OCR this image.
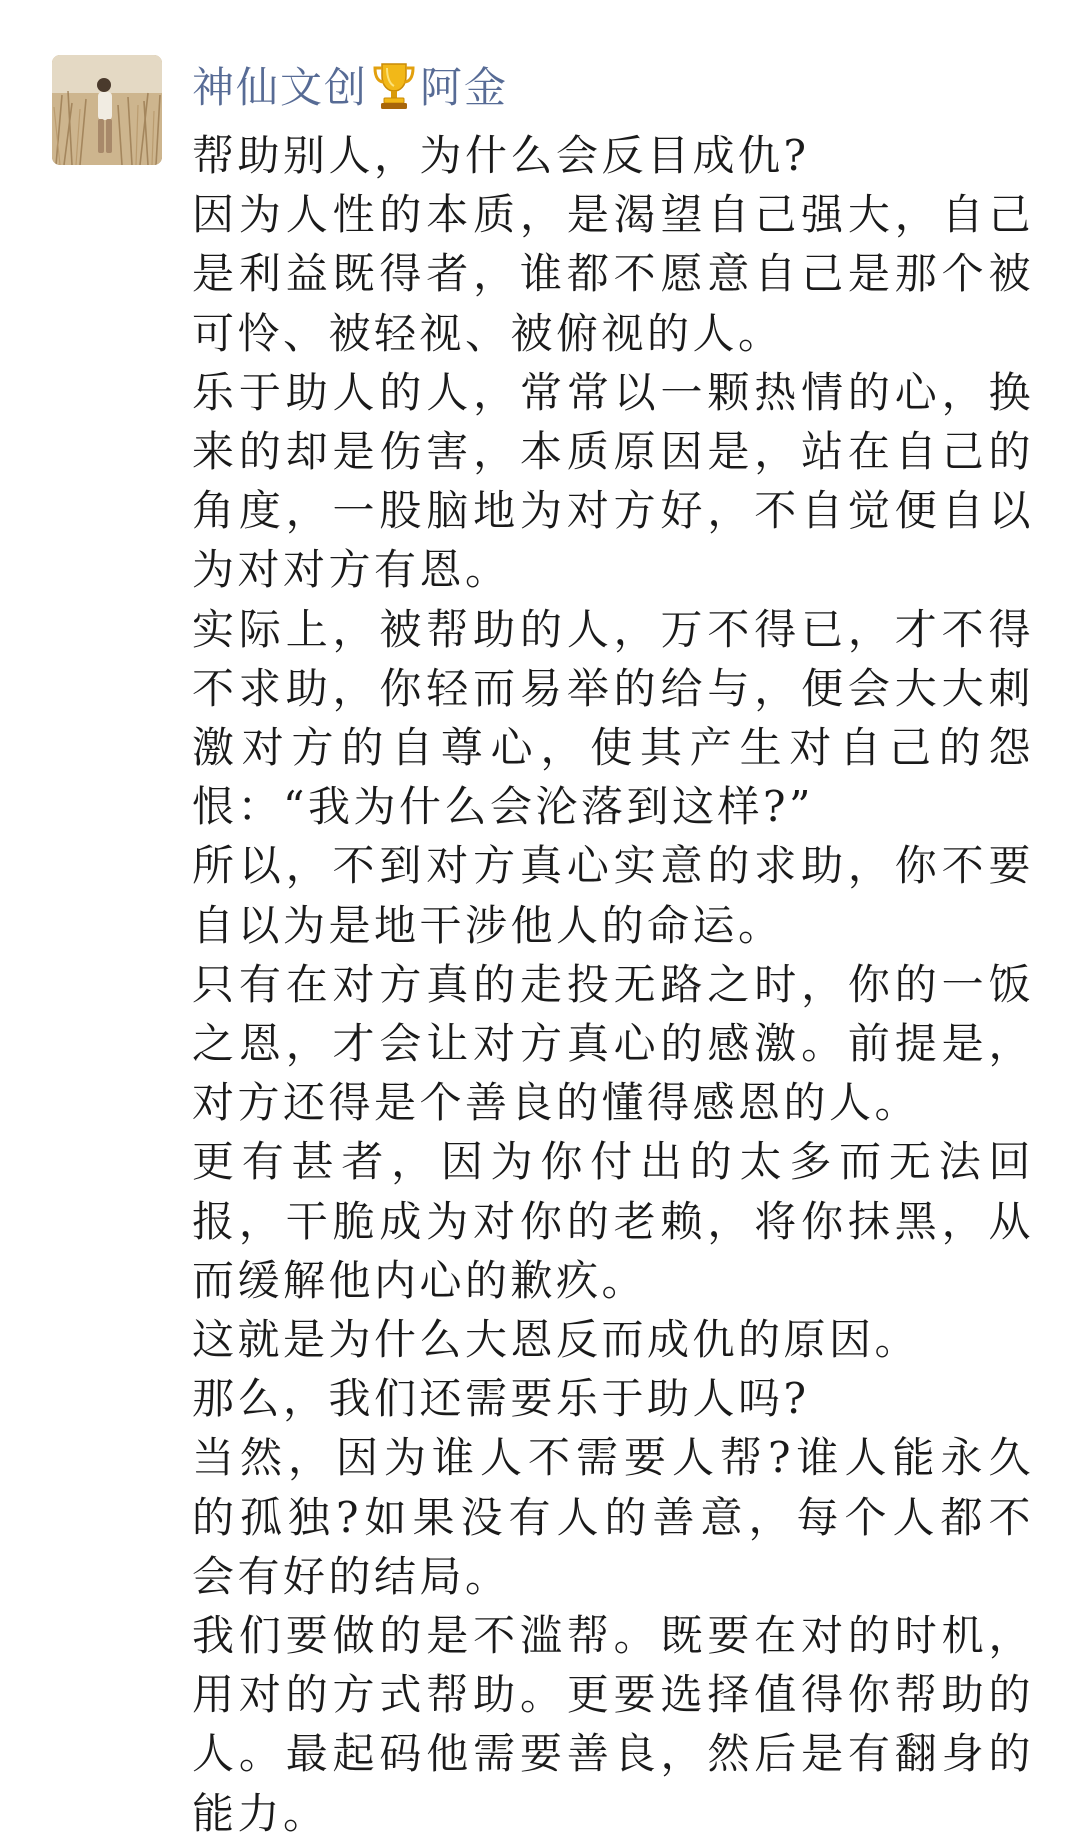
神仙文创 阿金

帮助别人，为什么会反目成仇?

因为人性的本质，是渴望自己强大，自己是利益既得者，谁都不愿意自己是那个被可怜、被轻视、被俯视的人。

乐于助人的人，常常以一颗热情的心，换来的却是伤害，本质原因是，站在自己的角度，一股脑地为对方好，不自觉便自以为对对方有恩。

实际上，被帮助的人，万不得已，才不得不求助，你轻而易举的给与，便会大大刺激对方的自尊心，使其产生对自己的怨恨：“我为什么会沦落到这样?”

所以，不到对方真心实意的求助，你不要自以为是地干涉他人的命运。

只有在对方真的走投无路之时，你的一饭之恩，才会让对方真心的感激。前提是，对方还得是个善良的懂得感恩的人。

更有甚者，因为你付出的太多而无法回报，干脆成为对你的老赖，将你抹黑，从而缓解他内心的歉疚。

这就是为什么大恩反而成仇的原因。

那么，我们还需要乐于助人吗?

当然，因为谁人不需要人帮?谁人能永久的孤独?如果没有人的善意，每个人都不会有好的结局。

我们要做的是不滥帮。既要在对的时机，用对的方式帮助。更要选择值得你帮助的人。最起码他需要善良，然后是有翻身的能力。
